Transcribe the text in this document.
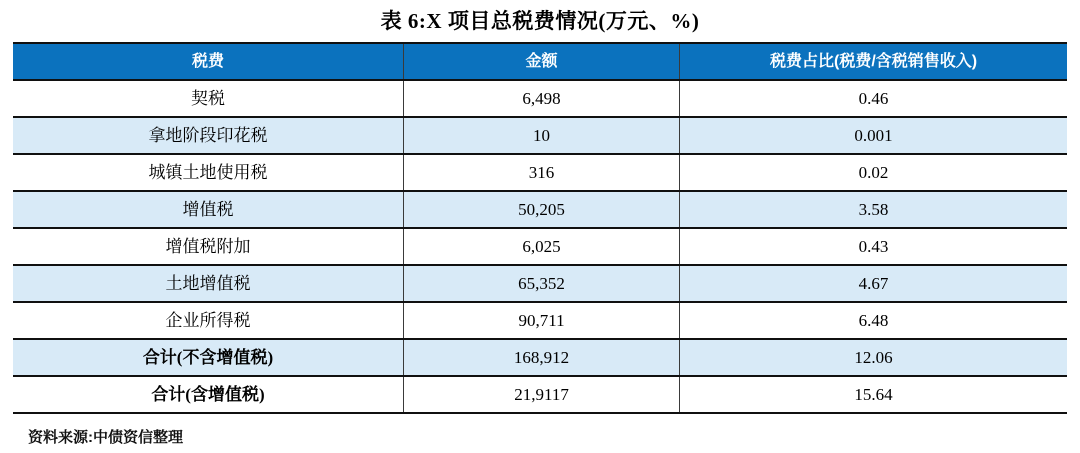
表 6:X 项目总税费情况(万元、%)
税费	金额	税费占比(税费/含税销售收入)
契税	6,498	0.46
拿地阶段印花税	10	0.001
城镇土地使用税	316	0.02
增值税	50,205	3.58
增值税附加	6,025	0.43
土地增值税	65,352	4.67
企业所得税	90,711	6.48
合计(不含增值税)	168,912	12.06
合计(含增值税)	21,9117	15.64
资料来源:中债资信整理
